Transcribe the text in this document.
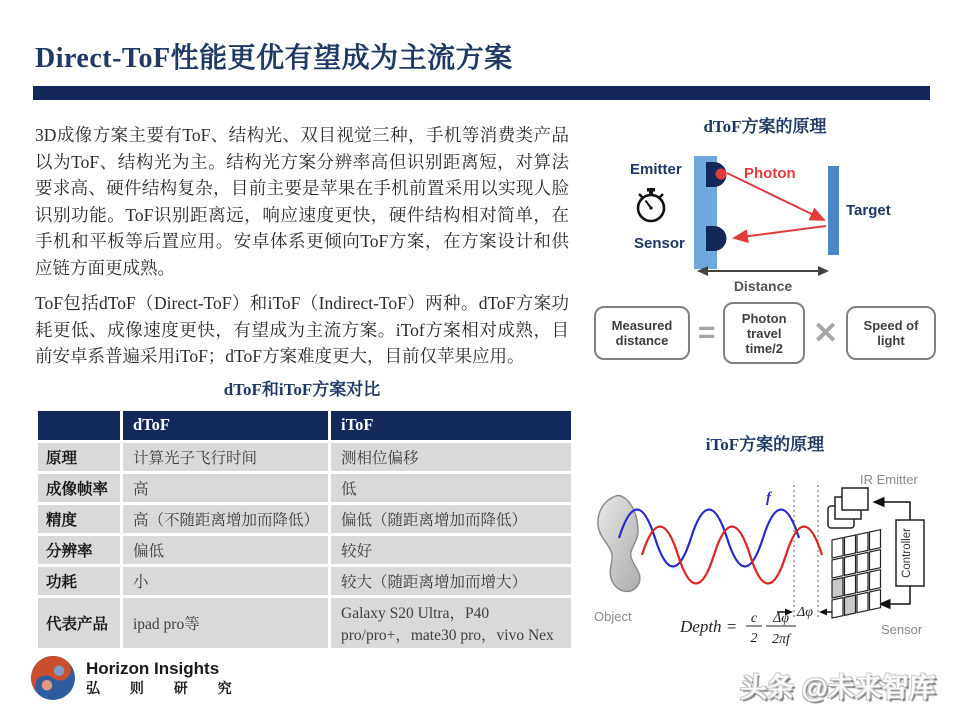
Direct-ToF性能更优有望成为主流方案

3D成像方案主要有ToF、结构光、双目视觉三种，手机等消费类产品以为ToF、结构光为主。结构光方案分辨率高但识别距离短，对算法要求高、硬件结构复杂，目前主要是苹果在手机前置采用以实现人脸识别功能。ToF识别距离远，响应速度更快，硬件结构相对简单，在手机和平板等后置应用。安卓体系更倾向ToF方案，在方案设计和供应链方面更成熟。

ToF包括dToF（Direct-ToF）和iToF（Indirect-ToF）两种。dToF方案功耗更低、成像速度更快，有望成为主流方案。iTof方案相对成熟，目前安卓系普遍采用iToF；dToF方案难度更大，目前仅苹果应用。

dToF和iToF方案对比
	dToF	iToF
原理	计算光子飞行时间	测相位偏移
成像帧率	高	低
精度	高（不随距离增加而降低）	偏低（随距离增加而降低）
分辨率	偏低	较好
功耗	小	较大（随距离增加而增大）
代表产品	ipad pro等	Galaxy S20 Ultra，P40 pro/pro+，mate30 pro，vivo Nex
dToF方案的原理
Emitter
Sensor
Photon
Target
Distance
Measured distance =	Photon travel time/2	✕	Speed of light
iToF方案的原理
Object
f
Δφ
Depth = c
2
Δφ
2πf
IR Emitter
Controller
Sensor
Horizon Insights
弘 则 研 究	头条 @未来智库
